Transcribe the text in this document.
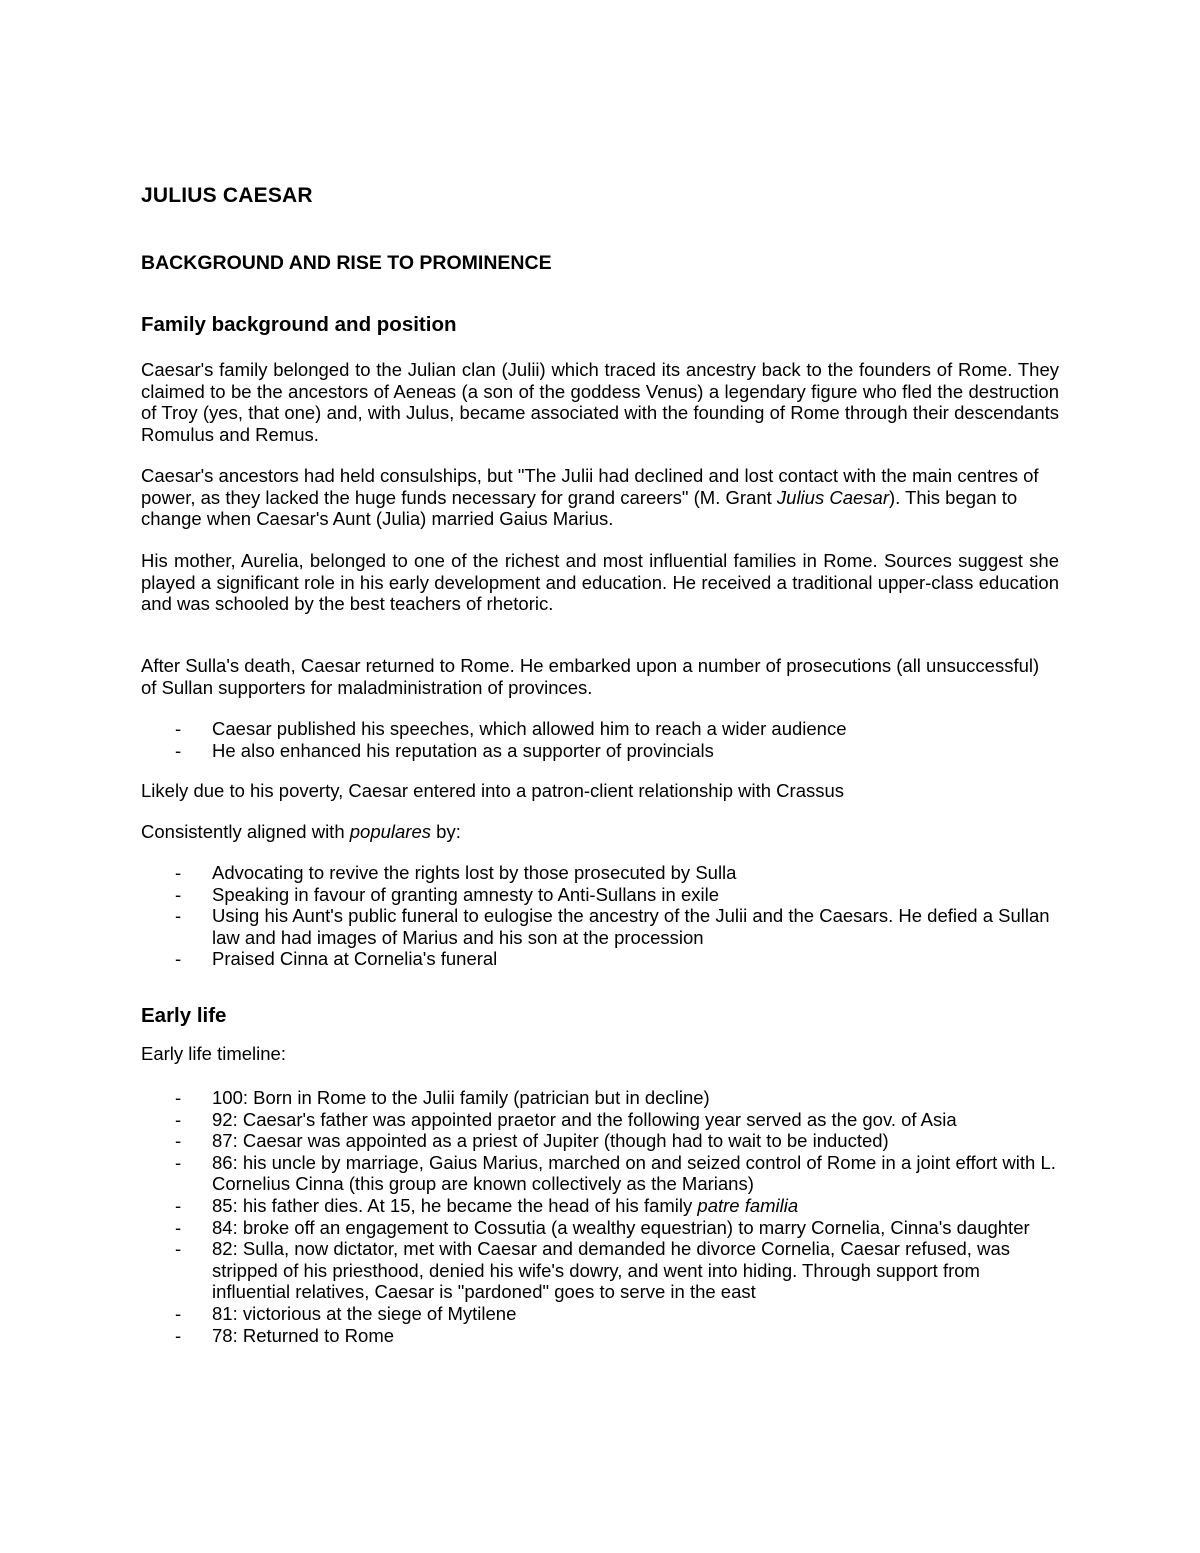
JULIUS CAESAR
BACKGROUND AND RISE TO PROMINENCE
Family background and position

Caesar's family belonged to the Julian clan (Julii) which traced its ancestry back to the founders of Rome. They claimed to be the ancestors of Aeneas (a son of the goddess Venus) a legendary figure who fled the destruction of Troy (yes, that one) and, with Julus, became associated with the founding of Rome through their descendants Romulus and Remus.

Caesar's ancestors had held consulships, but "The Julii had declined and lost contact with the main centres of power, as they lacked the huge funds necessary for grand careers" (M. Grant Julius Caesar). This began to change when Caesar's Aunt (Julia) married Gaius Marius.

His mother, Aurelia, belonged to one of the richest and most influential families in Rome. Sources suggest she played a significant role in his early development and education. He received a traditional upper-class education and was schooled by the best teachers of rhetoric.

After Sulla's death, Caesar returned to Rome. He embarked upon a number of prosecutions (all unsuccessful) of Sullan supporters for maladministration of provinces.

- Caesar published his speeches, which allowed him to reach a wider audience
- He also enhanced his reputation as a supporter of provincials

Likely due to his poverty, Caesar entered into a patron-client relationship with Crassus

Consistently aligned with populares by:

- Advocating to revive the rights lost by those prosecuted by Sulla
- Speaking in favour of granting amnesty to Anti-Sullans in exile
- Using his Aunt's public funeral to eulogise the ancestry of the Julii and the Caesars. He defied a Sullan law and had images of Marius and his son at the procession
- Praised Cinna at Cornelia's funeral
Early life

Early life timeline:

- 100: Born in Rome to the Julii family (patrician but in decline)
- 92: Caesar's father was appointed praetor and the following year served as the gov. of Asia
- 87: Caesar was appointed as a priest of Jupiter (though had to wait to be inducted)
- 86: his uncle by marriage, Gaius Marius, marched on and seized control of Rome in a joint effort with L. Cornelius Cinna (this group are known collectively as the Marians)
- 85: his father dies. At 15, he became the head of his family patre familia
- 84: broke off an engagement to Cossutia (a wealthy equestrian) to marry Cornelia, Cinna's daughter
- 82: Sulla, now dictator, met with Caesar and demanded he divorce Cornelia, Caesar refused, was stripped of his priesthood, denied his wife's dowry, and went into hiding. Through support from influential relatives, Caesar is "pardoned" goes to serve in the east
- 81: victorious at the siege of Mytilene
- 78: Returned to Rome
